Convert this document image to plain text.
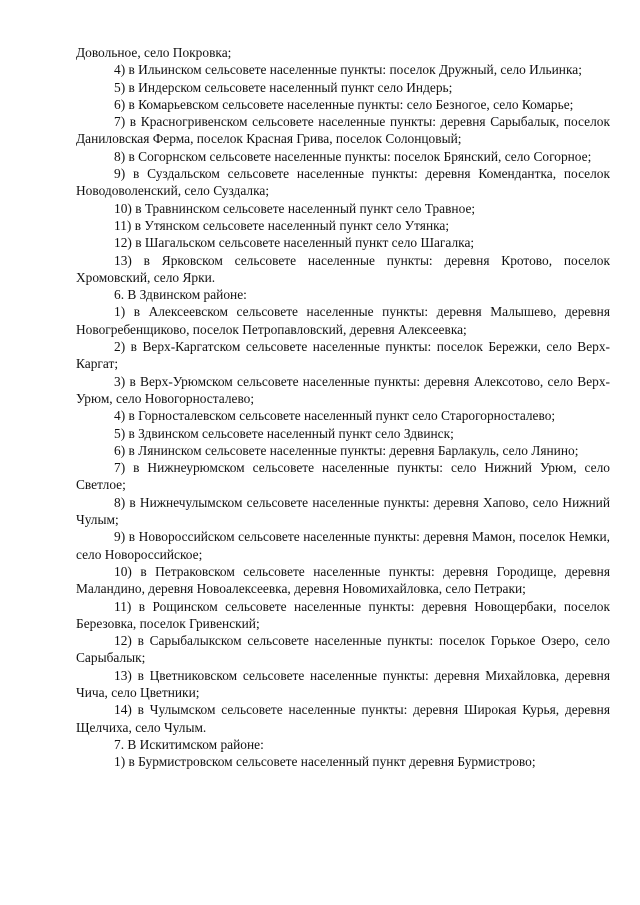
Довольное, село Покровка;

4) в Ильинском сельсовете населенные пункты: поселок Дружный, село Ильинка;

5) в Индерском сельсовете населенный пункт село Индерь;

6) в Комарьевском сельсовете населенные пункты: село Безногое, село Комарье;

7) в Красногривенском сельсовете населенные пункты: деревня Сарыбалык, поселок Даниловская Ферма, поселок Красная Грива, поселок Солонцовый;

8) в Согорнском сельсовете населенные пункты: поселок Брянский, село Согорное;

9) в Суздальском сельсовете населенные пункты: деревня Комендантка, поселок Новодоволенский, село Суздалка;

10) в Травнинском сельсовете населенный пункт село Травное;

11) в Утянском сельсовете населенный пункт село Утянка;

12) в Шагальском сельсовете населенный пункт село Шагалка;

13) в Ярковском сельсовете населенные пункты: деревня Кротово, поселок Хромовский, село Ярки.

6. В Здвинском районе:

1) в Алексеевском сельсовете населенные пункты: деревня Малышево, деревня Новогребенщиково, поселок Петропавловский, деревня Алексеевка;

2) в Верх-Каргатском сельсовете населенные пункты: поселок Бережки, село Верх-Каргат;

3) в Верх-Урюмском сельсовете населенные пункты: деревня Алексотово, село Верх-Урюм, село Новогорносталево;

4) в Горносталевском сельсовете населенный пункт село Старогорносталево;

5) в Здвинском сельсовете населенный пункт село Здвинск;

6) в Лянинском сельсовете населенные пункты: деревня Барлакуль, село Лянино;

7) в Нижнеурюмском сельсовете населенные пункты: село Нижний Урюм, село Светлое;

8) в Нижнечулымском сельсовете населенные пункты: деревня Хапово, село Нижний Чулым;

9) в Новороссийском сельсовете населенные пункты: деревня Мамон, поселок Немки, село Новороссийское;

10) в Петраковском сельсовете населенные пункты: деревня Городище, деревня Маландино, деревня Новоалексеевка, деревня Новомихайловка, село Петраки;

11) в Рощинском сельсовете населенные пункты: деревня Новощербаки, поселок Березовка, поселок Гривенский;

12) в Сарыбалыкском сельсовете населенные пункты: поселок Горькое Озеро, село Сарыбалык;

13) в Цветниковском сельсовете населенные пункты: деревня Михайловка, деревня Чича, село Цветники;

14) в Чулымском сельсовете населенные пункты: деревня Широкая Курья, деревня Щелчиха, село Чулым.

7. В Искитимском районе:

1) в Бурмистровском сельсовете населенный пункт деревня Бурмистрово;
